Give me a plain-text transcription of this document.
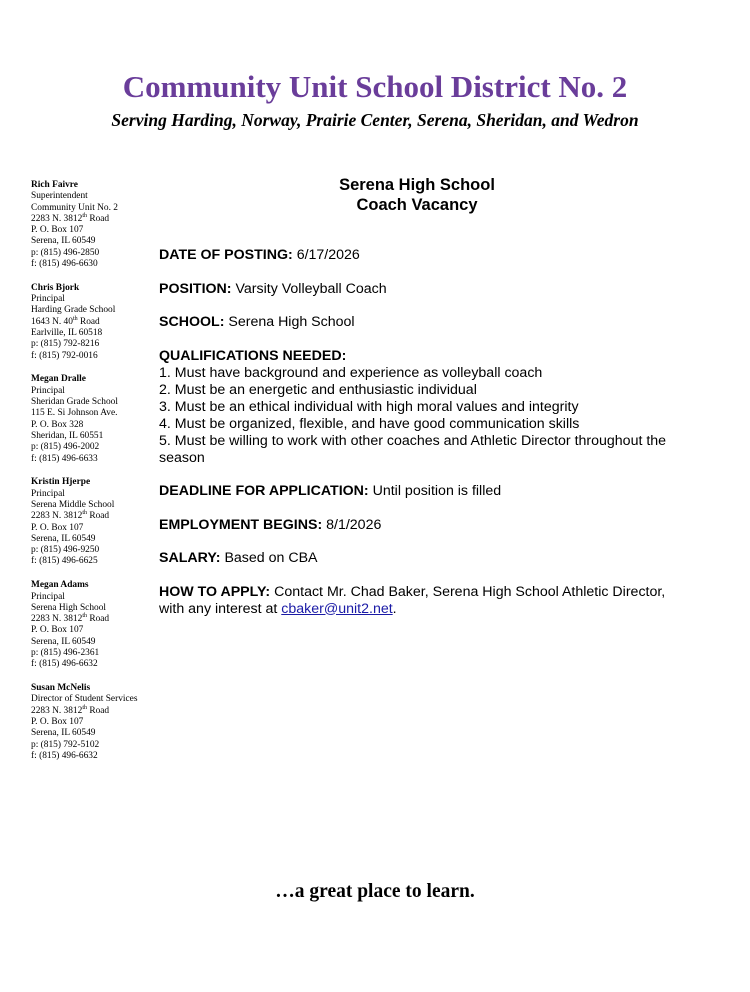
Community Unit School District No. 2
Serving Harding, Norway, Prairie Center, Serena, Sheridan, and Wedron
Rich Faivre
Superintendent
Community Unit No. 2
2283 N. 3812th Road
P. O. Box 107
Serena, IL 60549
p: (815) 496-2850
f: (815) 496-6630
Chris Bjork
Principal
Harding Grade School
1643 N. 40th Road
Earlville, IL 60518
p: (815) 792-8216
f: (815) 792-0016
Megan Dralle
Principal
Sheridan Grade School
115 E. Si Johnson Ave.
P. O. Box 328
Sheridan, IL 60551
p: (815) 496-2002
f: (815) 496-6633
Kristin Hjerpe
Principal
Serena Middle School
2283 N. 3812th Road
P. O. Box 107
Serena, IL 60549
p: (815) 496-9250
f: (815) 496-6625
Megan Adams
Principal
Serena High School
2283 N. 3812th Road
P. O. Box 107
Serena, IL 60549
p: (815) 496-2361
f: (815) 496-6632
Susan McNelis
Director of Student Services
2283 N. 3812th Road
P. O. Box 107
Serena, IL 60549
p: (815) 792-5102
f: (815) 496-6632
Serena High School
Coach Vacancy
DATE OF POSTING: 6/17/2026
POSITION: Varsity Volleyball Coach
SCHOOL: Serena High School
QUALIFICATIONS NEEDED:
1. Must have background and experience as volleyball coach
2. Must be an energetic and enthusiastic individual
3. Must be an ethical individual with high moral values and integrity
4. Must be organized, flexible, and have good communication skills
5. Must be willing to work with other coaches and Athletic Director throughout the season
DEADLINE FOR APPLICATION: Until position is filled
EMPLOYMENT BEGINS: 8/1/2026
SALARY: Based on CBA
HOW TO APPLY: Contact Mr. Chad Baker, Serena High School Athletic Director, with any interest at cbaker@unit2.net.
…a great place to learn.
